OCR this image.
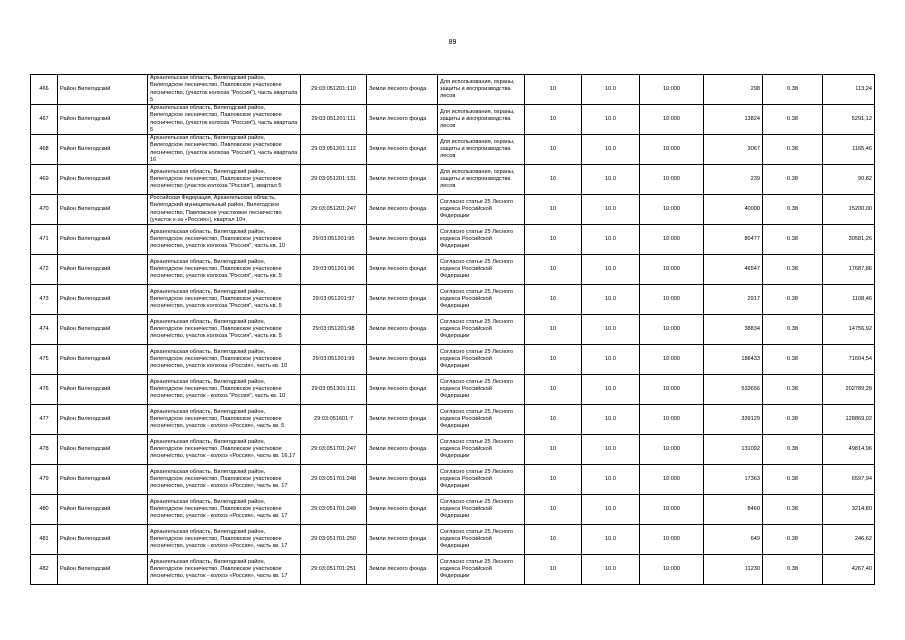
89
466	Район Вилегодский	Архангельская область, Вилегодский район, Вилегодское лесничество, Павловское участковое лесничество, (участок колхоза "Россия"), часть квартала 5	29:03:051201:110	Земли лесного фонда	Для использования, охраны, защиты и воспроизводства лесов	10	10.0	10:000	298	0.38	113,24
467	Район Вилегодский	Архангельская область, Вилегодский район, Вилегодское лесничество, Павловское участковое лесничество, (участок колхоза "Россия"), часть квартала 5	29:03:051201:111	Земли лесного фонда	Для использования, охраны, защиты и воспроизводства лесов	10	10.0	10:000	13824	0.38	5291,12
468	Район Вилегодский	Архангельская область, Вилегодский район, Вилегодское лесничество, Павловское участковое лесничество, (участок колхоза "Россия"), часть квартала 16	29:03:051201:112	Земли лесного фонда	Для использования, охраны, защиты и воспроизводства лесов	10	10.0	10:000	3067	0.38	1165,46
469	Район Вилегодский	Архангельская область, Вилегодский район, Вилегодское лесничество, Павловское участковое лесничество (участок колхоза "Россия"), квартал 5	29:03:051201:131	Земли лесного фонда	Для использования, охраны, защиты и воспроизводства лесов	10	10.0	10:000	239	0.38	90,82
470	Район Вилегодский	Российская Федерация, Архангельская область, Вилегодский муниципальный район, Вилегодское лесничество, Павловское участковое лесничество (участок к-за «Россия»), квартал 10ч	29:03:051201:247	Земли лесного фонда	Согласно статье 25 Лесного кодекса Российской Федерации	10	10.0	10:000	40000	0.38	15200,00
471	Район Вилегодский	Архангельская область, Вилегодский район, Вилегодское лесничество, Павловское участковое лесничество, участок колхоза "Россия", часть кв. 10	29:03:051201:95	Земли лесного фонда	Согласно статье 25 Лесного кодекса Российской Федерации	10	10.0	10:000	80477	0.38	30581,26
472	Район Вилегодский	Архангельская область, Вилегодский район, Вилегодское лесничество, Павловское участковое лесничество, участок колхоза "Россия", часть кв. 5	29:03:051201:96	Земли лесного фонда	Согласно статье 25 Лесного кодекса Российской Федерации	10	10.0	10:000	46547	0.38	17687,86
473	Район Вилегодский	Архангельская область, Вилегодский район, Вилегодское лесничество, Павловское участковое лесничество, участок колхоза "Россия", часть кв. 5	29:03:051201:97	Земли лесного фонда	Согласно статье 25 Лесного кодекса Российской Федерации	10	10.0	10:000	2917	0.38	1108,46
474	Район Вилегодский	Архангельская область, Вилегодский район, Вилегодское лесничество, Павловское участковое лесничество, участок колхоза "Россия", часть кв. 5	29:03:051201:98	Земли лесного фонда	Согласно статье 25 Лесного кодекса Российской Федерации	10	10.0	10:000	38834	0.38	14756,92
475	Район Вилегодский	Архангельская область, Вилегодский район, Вилегодское лесничество, Павловское участковое лесничество, участок колхоза «Россия», часть кв. 10	29:03:051201:99	Земли лесного фонда	Согласно статье 25 Лесного кодекса Российской Федерации	10	10.0	10:000	188433	0.38	71604,54
476	Район Вилегодский	Архангельская область, Вилегодский район, Вилегодское лесничество, Павловское участковое лесничество, участок - колхоз "Россия", часть кв. 10	29:03:051301:111	Земли лесного фонда	Согласно статье 25 Лесного кодекса Российской Федерации	10	10.0	10:000	533656	0.38	202789,28
477	Район Вилегодский	Архангельская область, Вилегодский район, Вилегодское лесничество, Павловское участковое лесничество, участок - колхоз «Россия», часть кв. 5	29:03:051601:7	Земли лесного фонда	Согласно статье 25 Лесного кодекса Российской Федерации	10	10.0	10:000	339129	0.38	128869,02
478	Район Вилегодский	Архангельская область, Вилегодский район, Вилегодское лесничество, Павловское участковое лесничество, участок - колхоз «Россия», часть кв. 16,17	29:03:051701:247	Земли лесного фонда	Согласно статье 25 Лесного кодекса Российской Федерации	10	10.0	10:000	131092	0.38	49814,96
479	Район Вилегодский	Архангельская область, Вилегодский район, Вилегодское лесничество, Павловское участковое лесничество, участок - колхоз «Россия», часть кв. 17	29:03:051701:248	Земли лесного фонда	Согласно статье 25 Лесного кодекса Российской Федерации	10	10.0	10:000	17363	0.38	6597,94
480	Район Вилегодский	Архангельская область, Вилегодский район, Вилегодское лесничество, Павловское участковое лесничество, участок - колхоз «Россия», часть кв. 17	29:03:051701:249	Земли лесного фонда	Согласно статье 25 Лесного кодекса Российской Федерации	10	10.0	10:000	8460	0.38	3214,80
481	Район Вилегодский	Архангельская область, Вилегодский район, Вилегодское лесничество, Павловское участковое лесничество, участок - колхоз «Россия», часть кв. 17	29:03:051701:250	Земли лесного фонда	Согласно статье 25 Лесного кодекса Российской Федерации	10	10.0	10:000	649	0.38	246,62
482	Район Вилегодский	Архангельская область, Вилегодский район, Вилегодское лесничество, Павловское участковое лесничество, участок - колхоз «Россия», часть кв. 17	29:03:051701:251	Земли лесного фонда	Согласно статье 25 Лесного кодекса Российской Федерации	10	10.0	10:000	11230	0.38	4267,40
